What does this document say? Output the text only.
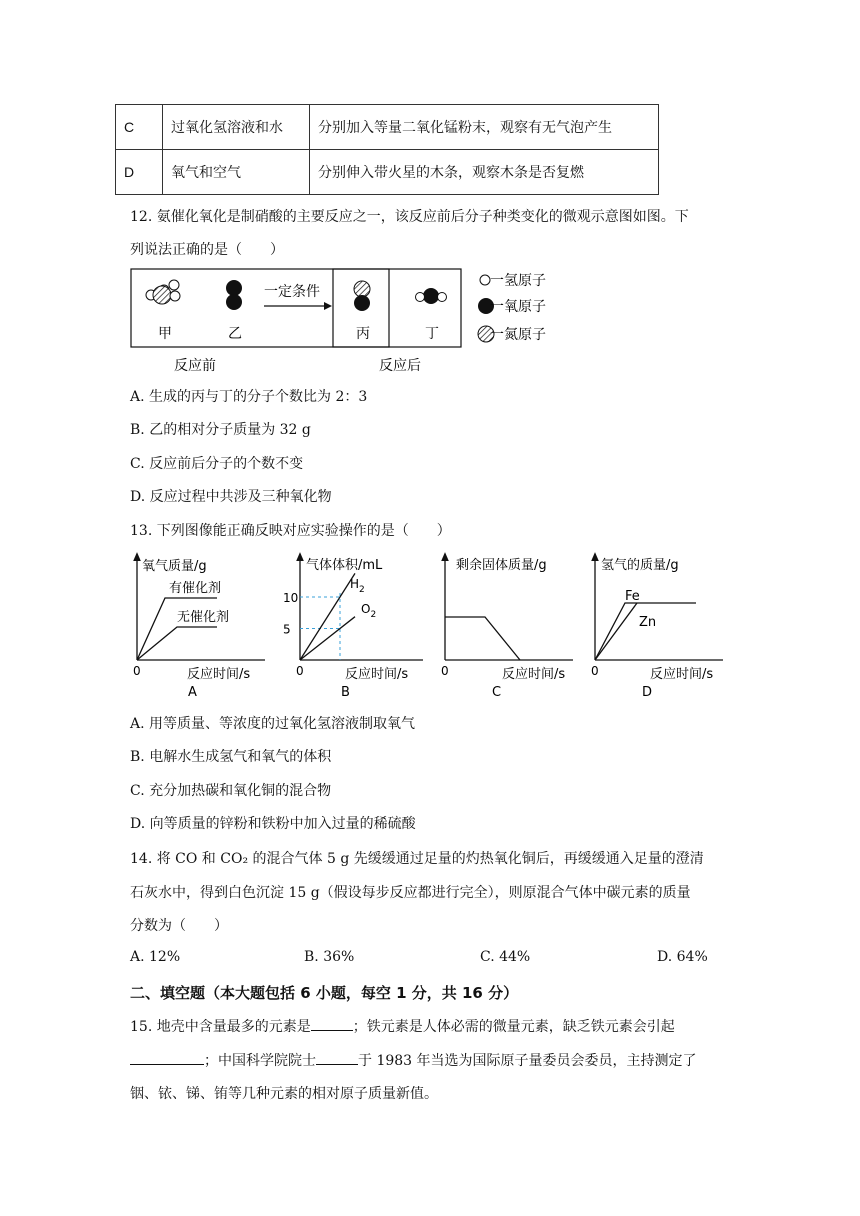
C	过氧化氢溶液和水	分别加入等量二氧化锰粉末，观察有无气泡产生
D	氧气和空气	分别伸入带火星的木条，观察木条是否复燃
12. 氨催化氧化是制硝酸的主要反应之一，该反应前后分子种类变化的微观示意图如图。下
列说法正确的是（　　）
甲	乙
一定条件
丙	丁
反应前	反应后
一氢原子
一氧原子
一氮原子
A. 生成的丙与丁的分子个数比为 2：3
B. 乙的相对分子质量为 32 g
C. 反应前后分子的个数不变
D. 反应过程中共涉及三种氧化物
13. 下列图像能正确反映对应实验操作的是（　　）
氧气质量/g
0	反应时间/s
A
有催化剂
无催化剂
气体体积/mL
0	反应时间/s
B
5
10
$H_2$
$O_2$
剩余固体质量/g
0	反应时间/s
C
氢气的质量/g
0	反应时间/s
D
Fe
Zn
A. 用等质量、等浓度的过氧化氢溶液制取氧气
B. 电解水生成氢气和氧气的体积
C. 充分加热碳和氧化铜的混合物
D. 向等质量的锌粉和铁粉中加入过量的稀硫酸
14. 将 CO 和 CO₂ 的混合气体 5 g 先缓缓通过足量的灼热氧化铜后，再缓缓通入足量的澄清
石灰水中，得到白色沉淀 15 g（假设每步反应都进行完全），则原混合气体中碳元素的质量
分数为（　　）
A. 12%	B. 36%	C. 44%	D. 64%
二、填空题（本大题包括 6 小题，每空 1 分，共 16 分）
15. 地壳中含量最多的元素是	；铁元素是人体必需的微量元素，缺乏铁元素会引起
；中国科学院院士	于 1983 年当选为国际原子量委员会委员，主持测定了
铟、铱、锑、铕等几种元素的相对原子质量新值。
